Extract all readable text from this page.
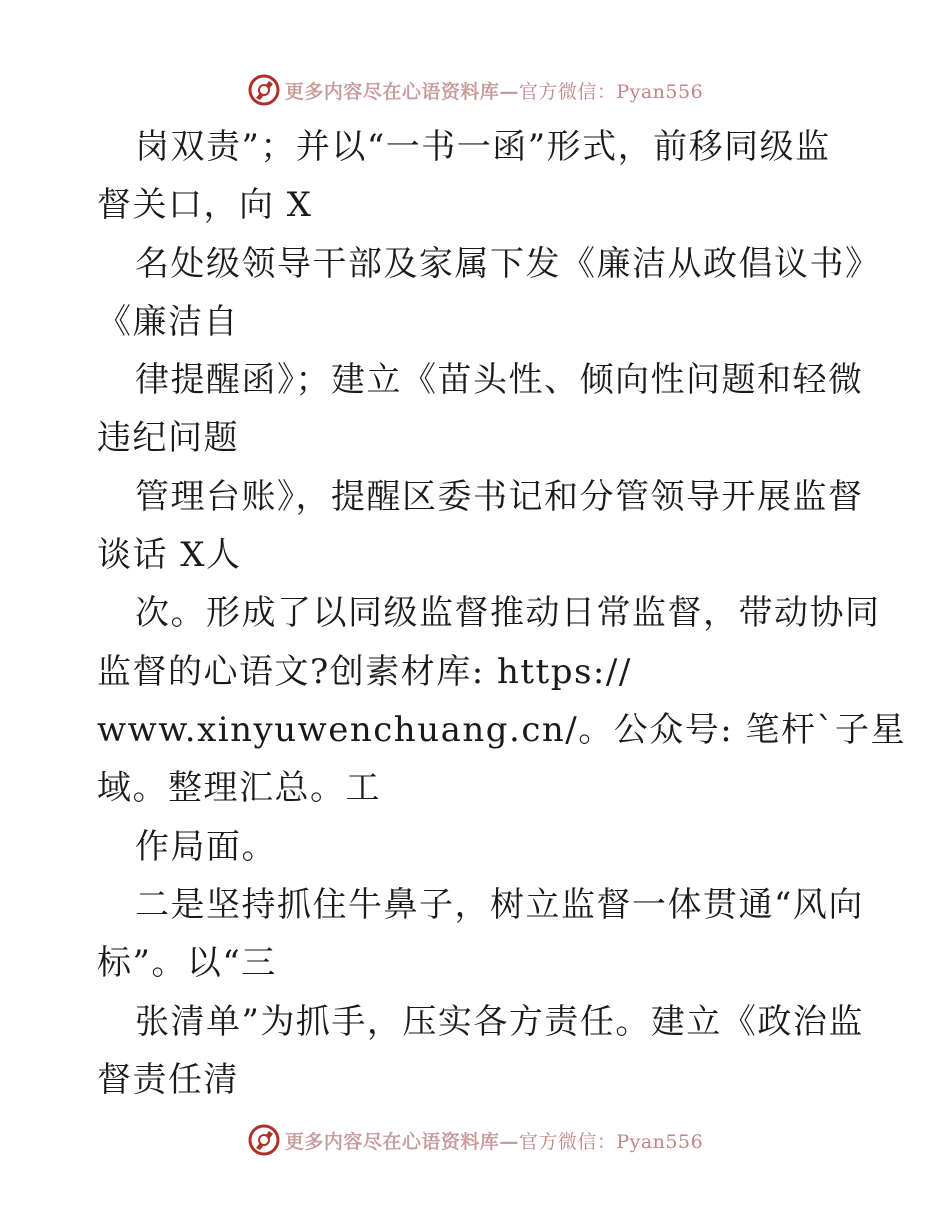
更多内容尽在心语资料库—官方微信：Pyan556
岗双责”；并以“一书一函”形式，前移同级监
督关口，向 X
名处级领导干部及家属下发《廉洁从政倡议书》
《廉洁自
律提醒函》；建立《苗头性、倾向性问题和轻微
违纪问题
管理台账》，提醒区委书记和分管领导开展监督
谈话 X人
次。形成了以同级监督推动日常监督，带动协同
监督的心语文?创素材库: https://
www.xinyuwenchuang.cn/。公众号: 笔杆`子星
域。整理汇总。工
作局面。
二是坚持抓住牛鼻子，树立监督一体贯通“风向
标”。以“三
张清单”为抓手，压实各方责任。建立《政治监
督责任清
更多内容尽在心语资料库—官方微信：Pyan556
